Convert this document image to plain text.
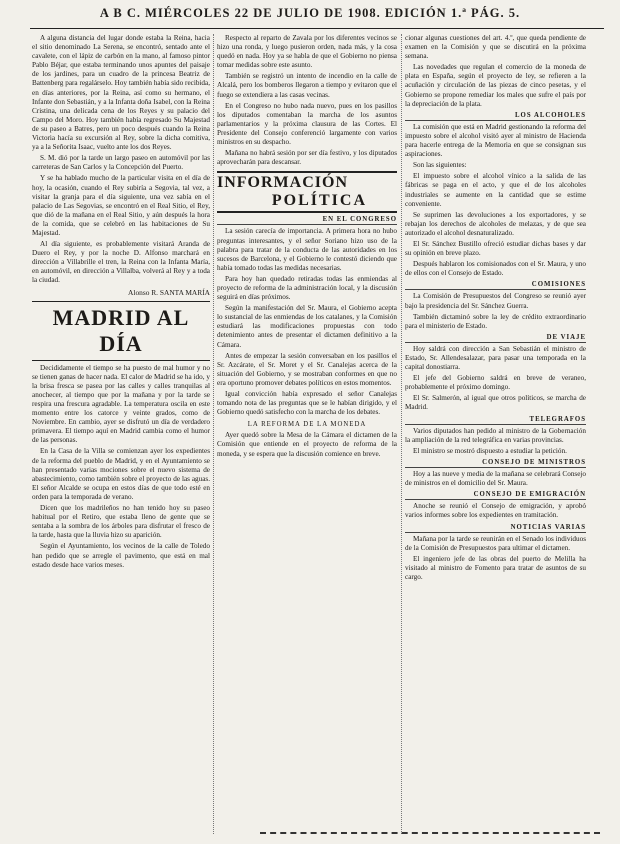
A B C. MIÉRCOLES 22 DE JULIO DE 1908. EDICIÓN 1.ª PÁG. 5.

A alguna distancia del lugar donde estaba la Reina, hacia el sitio denominado La Serena, se encontró, sentado ante el cavalete, con el lápiz de carbón en la mano, al famoso pintor Pablo Béjar, que estaba terminando unos apuntes del paisaje de los jardines, para un cuadro de la princesa Beatriz de Battenberg para regalárselo. Hoy también había sido recibida, en días anteriores, por la Reina, así como su hermano, el Infante don Sebastián, y a la Infanta doña Isabel, con la Reina Cristina, una delicada cena de los Reyes y su palacio del Campo del Moro. Hoy también había regresado Su Majestad de su paseo a Batres, pero un poco después cuando la Reina Victoria hacía su excursión al Rey, sobre la dicha comitiva, ya a la Señorita Isaac, vuelto ante los dos Reyes.

S. M. dió por la tarde un largo paseo en automóvil por las carreteras de San Carlos y la Concepción del Puerto.

Y se ha hablado mucho de la particular visita en el día de hoy, la ocasión, cuando el Rey subiría a Segovia, tal vez, a visitar la granja para el día siguiente, una vez sabía en el palacio de Las Segovias, se encontró en el Real Sitio, el Rey, que dió de la mañana en el Real Sitio, y aún después la hora de la comida, que se celebró en las habitaciones de Su Majestad.

Al día siguiente, es probablemente visitará Aranda de Duero el Rey, y por la noche D. Alfonso marchará en dirección a Villabrille el tren, la Reina con la Infanta María, en automóvil, en dirección a Villalba, volverá al Rey y a toda la ciudad.

Alonso R. SANTA MARÍA
MADRID AL DÍA

Decididamente el tiempo se ha puesto de mal humor y no se tienen ganas de hacer nada. El calor de Madrid se ha ido, y la brisa fresca se pasea por las calles y calles tranquilas al anochecer, al tiempo que por la mañana y por la tarde se respira una frescura agradable. La temperatura oscila en este momento entre los catorce y veinte grados, como de Noviembre. En cambio, ayer se disfrutó un día de verdadero primavera. El tiempo aquí en Madrid cambia como el humor de las personas.

En la Casa de la Villa se comienzan ayer los expedientes de la reforma del pueblo de Madrid, y en el Ayuntamiento se han presentado varias mociones sobre el nuevo sistema de abastecimiento, como también sobre el proyecto de las aguas. El señor Alcalde se ocupa en estos días de que todo esté en orden para la temporada de verano.

Dicen que los madrileños no han tenido hoy su paseo habitual por el Retiro, que estaba lleno de gente que se sentaba a la sombra de los árboles para disfrutar el fresco de la tarde, hasta que la lluvia hizo su aparición.

Según el Ayuntamiento, los vecinos de la calle de Toledo han pedido que se arregle el pavimento, que está en mal estado desde hace varios meses.

Respecto al reparto de Zavala por los diferentes vecinos se hizo una ronda, y luego pusieron orden, nada más, y la cosa quedó en nada. Hoy ya se habla de que el Gobierno no piensa tomar medidas sobre este asunto.

También se registró un intento de incendio en la calle de Alcalá, pero los bomberos llegaron a tiempo y evitaron que el fuego se extendiera a las casas vecinas.

En el Congreso no hubo nada nuevo, pues en los pasillos los diputados comentaban la marcha de los asuntos parlamentarios y la próxima clausura de las Cortes. El Presidente del Consejo conferenció largamente con varios ministros en su despacho.

Mañana no habrá sesión por ser día festivo, y los diputados aprovecharán para descansar.

INFORMACIÓN
POLÍTICA
EN EL CONGRESO

La sesión carecía de importancia. A primera hora no hubo preguntas interesantes, y el señor Soriano hizo uso de la palabra para tratar de la conducta de las autoridades en los sucesos de Barcelona, y el Gobierno le contestó diciendo que había tomado todas las medidas necesarias.

Para hoy han quedado retiradas todas las enmiendas al proyecto de reforma de la administración local, y la discusión seguirá en días próximos.

Según la manifestación del Sr. Maura, el Gobierno acepta lo sustancial de las enmiendas de los catalanes, y la Comisión estudiará las modificaciones propuestas con todo detenimiento antes de presentar el dictamen definitivo a la Cámara.

Antes de empezar la sesión conversaban en los pasillos el Sr. Azcárate, el Sr. Moret y el Sr. Canalejas acerca de la situación del Gobierno, y se mostraban conformes en que no era oportuno promover debates políticos en estos momentos.

Igual convicción había expresado el señor Canalejas tomando nota de las preguntas que se le habían dirigido, y el Gobierno quedó satisfecho con la marcha de los debates.

LA REFORMA DE LA MONEDA

Ayer quedó sobre la Mesa de la Cámara el dictamen de la Comisión que entiende en el proyecto de reforma de la moneda, y se espera que la discusión comience en breve.

cionar algunas cuestiones del art. 4.º, que queda pendiente de examen en la Comisión y que se discutirá en la próxima semana.

Las novedades que regulan el comercio de la moneda de plata en España, según el proyecto de ley, se refieren a la acuñación y circulación de las piezas de cinco pesetas, y el Gobierno se propone remediar los males que sufre el país por la depreciación de la plata.

LOS ALCOHOLES

La comisión que está en Madrid gestionando la reforma del impuesto sobre el alcohol visitó ayer al ministro de Hacienda para hacerle entrega de la Memoria en que se consignan sus aspiraciones.

Son las siguientes:

El impuesto sobre el alcohol vínico a la salida de las fábricas se paga en el acto, y que el de los alcoholes industriales se aumente en la cantidad que se estime conveniente.

Se suprimen las devoluciones a los exportadores, y se rebajan los derechos de alcoholes de melazas, y de que sea autorizado el alcohol desnaturalizado.

El Sr. Sánchez Bustillo ofreció estudiar dichas bases y dar su opinión en breve plazo.

Después hablaron los comisionados con el Sr. Maura, y uno de ellos con el Consejo de Estado.

COMISIONES

La Comisión de Presupuestos del Congreso se reunió ayer bajo la presidencia del Sr. Sánchez Guerra.

También dictaminó sobre la ley de crédito extraordinario para el ministerio de Estado.

DE VIAJE

Hoy saldrá con dirección a San Sebastián el ministro de Estado, Sr. Allendesalazar, para pasar una temporada en la capital donostiarra.

El jefe del Gobierno saldrá en breve de veraneo, probablemente el próximo domingo.

El Sr. Salmerón, al igual que otros políticos, se marcha de Madrid.

TELEGRAFOS

Varios diputados han pedido al ministro de la Gobernación la ampliación de la red telegráfica en varias provincias.

El ministro se mostró dispuesto a estudiar la petición.

CONSEJO DE MINISTROS

Hoy a las nueve y media de la mañana se celebrará Consejo de ministros en el domicilio del Sr. Maura.

CONSEJO DE EMIGRACIÓN

Anoche se reunió el Consejo de emigración, y aprobó varios informes sobre los expedientes en tramitación.

NOTICIAS VARIAS

Mañana por la tarde se reunirán en el Senado los individuos de la Comisión de Presupuestos para ultimar el dictamen.

El ingeniero jefe de las obras del puerto de Melilla ha visitado al ministro de Fomento para tratar de asuntos de su cargo.
